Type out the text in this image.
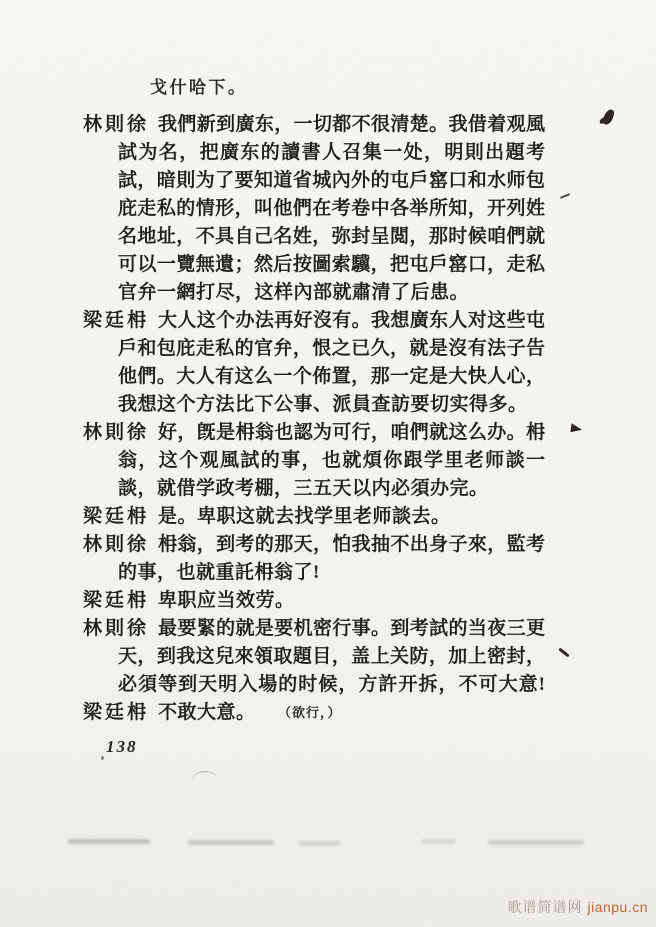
戈什哈下。
林則徐 我們新到廣东，一切都不很清楚。我借着观風
試为名，把廣东的讀書人召集一处，明則出題考
試，暗則为了要知道省城內外的屯戶窰口和水师包
庇走私的情形，叫他們在考卷中各举所知，开列姓
名地址，不具自己名姓，弥封呈閲，那时候咱們就
可以一覽無遺；然后按圖索驥，把屯戶窰口，走私
官弁一網打尽，这样內部就肅清了后患。
梁廷枏 大人这个办法再好沒有。我想廣东人对这些屯
戶和包庇走私的官弁，恨之已久，就是沒有法子告
他們。大人有这么一个佈置，那一定是大快人心，
我想这个方法比下公事、派員查訪要切实得多。
林則徐 好，旣是枏翁也認为可行，咱們就这么办。枏
翁，这个观風試的事，也就煩你跟学里老师談一
談，就借学政考棚，三五天以内必須办完。
梁廷枏 是。卑职这就去找学里老师談去。
林則徐 枏翁，到考的那天，怕我抽不出身子來，監考
的事，也就重託枏翁了!
梁廷枏 卑职应当效劳。
林則徐 最要緊的就是要机密行事。到考試的当夜三更
天，到我这兒來領取題目，盖上关防，加上密封，
必須等到天明入場的时候，方許开拆，不可大意!
梁廷枏 不敢大意。 （欲行，）
138
歌谱简谱网 jianpu.cn
